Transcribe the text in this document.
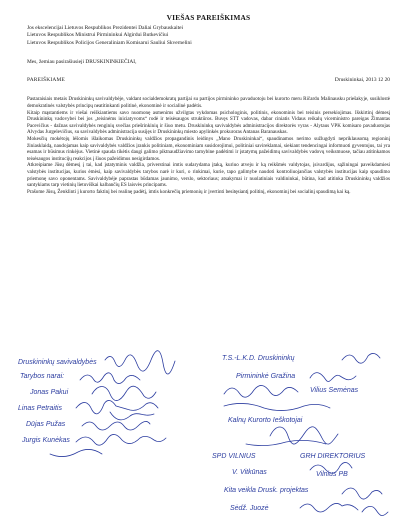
VIEŠAS PAREIŠKIMAS
Jos ekscelencijai Lietuvos Respublikos Prezidentei Daliai Grybauskaitei
Lietuvos Respublikos Ministrui Pirmininkui Algirdui Butkevičiui
Lietuvos Respublikos Policijos Generaliniam Komisarui Sauliui Skvernelini
Mes, žemiau pasirašiusieji DRUSKININKIEČIAI,
PAREIŠKIAME	Druskininkai, 2013 12 20

Pastaraisiais metais Druskininkų savivaldybėje, valdant socialdemokratų partijai su partijos pirmininko pavaduotoju bei kurorto meru Ričardu Malinausku priešakyje, susiklostė demokratinės valstybės principų neatitinkanti politinė, ekonominė ir socialinė padėtis.

Kitaip mąstantiems ir viešai reiškiantiems savo nuomonę asmenims užvilgtas vykdomas psichologinis, politinis, ekonominis bei teisinis persekiojimas. Išskirtinį dėmesį Druskininkų vadovybei bei jos „teisinėms iniciatyvoms“ rodė ir teisėsaugos struktūros. Buvęs STT vadovas, dabar ciniatis Vidaus reikalų viceministro pareigas Žimantas Pacevičius - dažnas savivaldybės renginių svečias priešrinkinių ir šiuo metu. Druskininkų savivaldybės administracijos direktorės vyras - Alytaus VPK komisaro pavaduotojas Alvydas Jurgelevičius, su savivaldybės administracija susijęs ir Druskininkų miesto apylinkės prokuroras Antanas Baranauskas.

Mokesčių mokėtojų lėšomis išlaikomas Druskininkų valdžios propagandinis leidinys „Mano Druskininkai“, spaudinamos nerimo sužlugdyti nepriklausomą regioninį žiniasklaidą, naudojamas kaip savivaldybės valdžios įrankis politiniam, ekonominiam susidorojimui, politiniai savireklamai, siekiant tendencingai informuoti gyventojus, tai yra esamas ir būsimus rinkėjus. Vietinė spauda tikėtis daugi galimo piktnaudžiavimo tarnybine padėtimi ir įstatymų pažeidimų savivaldybės vadovų veiksmuose, tačiau atitinkamos teisėsaugos institucijų reakcijos į šiuos pažeidimus nesigirdamos.

Atkreipiame Jūsų dėmesį į tai, kad įstatyminis valdžia, priverstinai imtis sudarydama įtaką, kuriuo atveju ir ką reikšmės valdytojas, įsivardijus, sąžiningai paveikdamiesi valstybės institucijas, kurios ėmėsi, kaip savivaldybės tarybos narė ir kuri, o rinkimai, kurie, tapo galimybe naudoti kontroliuojančias valstybės institucijas kaip spaudimo priemonę savo oponentams. Savivaldybėje paprastas būdamas jaunimo, verslo, sektoriaus; atsakymai ir nuolatiniais valdininkai, būtina, kad atitinka Druskininkų valdžios santykiams tarp vietinių lietuviškai kalbančių ES laisvės principams.

Prašome Jūsų, Ženklinti į kurorto faktinį bei realinę padėtį, imtis konkrečių priemonių ir įvertinti besitęsiantį politinį, ekonominį bei socialinį spaudimą kai ką.

Druskininkų savivaldybės
Tarybos narai:
Jonas Pakui
Linas Petraitis
Dūjas Pužas
Jurgis Kunėkas
T.S.-L.K.D. Druskininkų
Pirmininkė Gražina
Vilius Semėnas
Kalnų Kurorto Ieškotojai
SPD VILNIUS	GRH DIREKTORIUS
V. Vitkūnas	Vilnius PB
Kita veikla Drusk. projektas
Sėdž. Juozė
